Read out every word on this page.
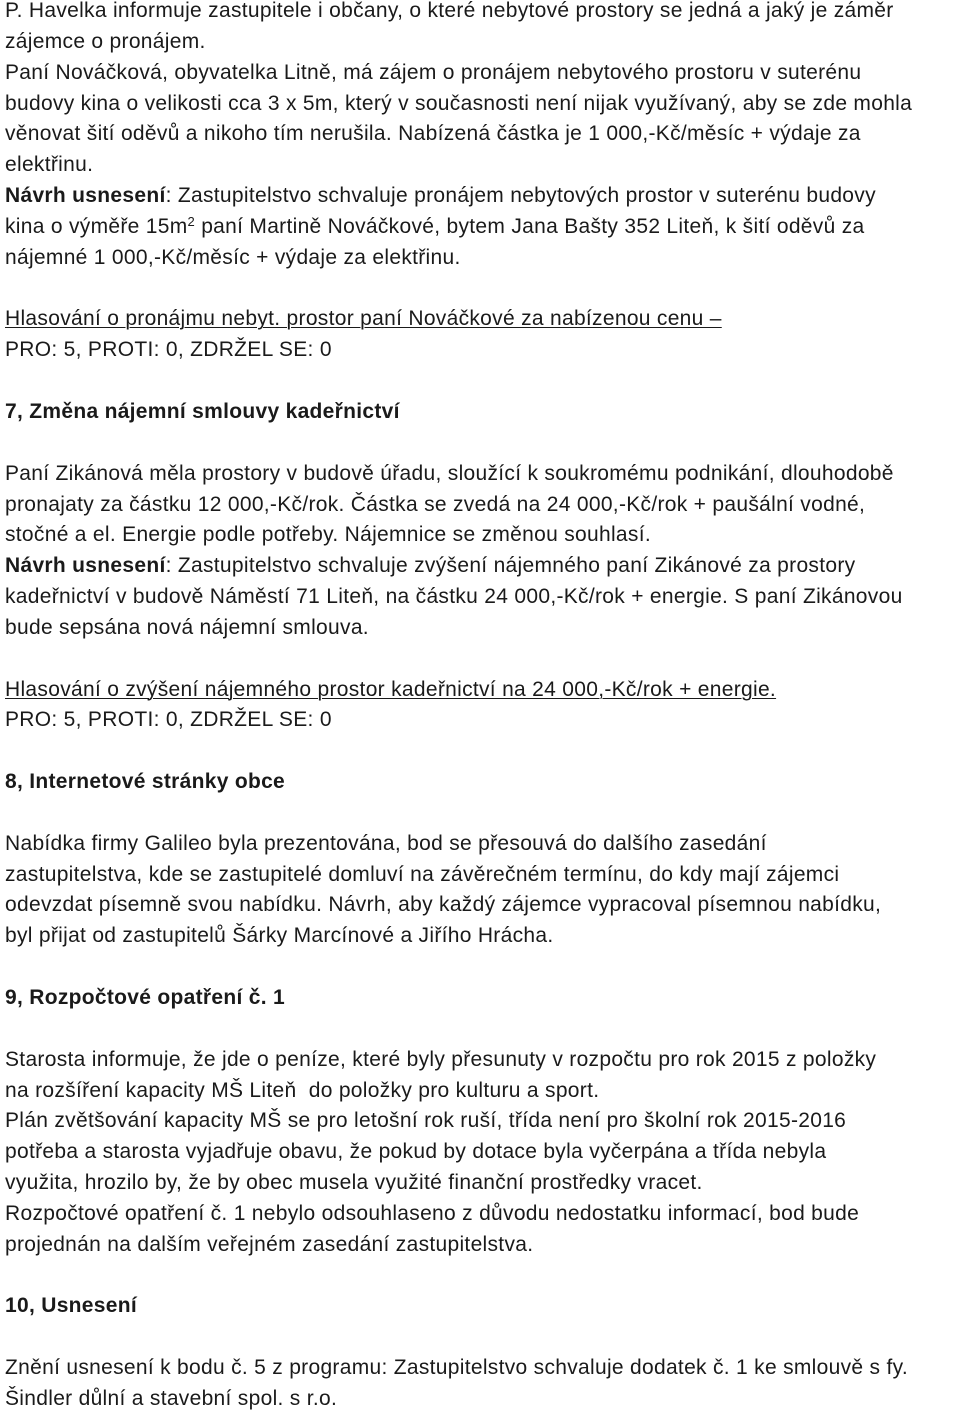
P. Havelka informuje zastupitele i občany, o které nebytové prostory se jedná a jaký je záměr
zájemce o pronájem.
Paní Nováčková, obyvatelka Litně, má zájem o pronájem nebytového prostoru v suterénu
budovy kina o velikosti cca 3 x 5m, který v současnosti není nijak využívaný, aby se zde mohla
věnovat šití oděvů a nikoho tím nerušila. Nabízená částka je 1 000,-Kč/měsíc + výdaje za
elektřinu.
Návrh usnesení: Zastupitelstvo schvaluje pronájem nebytových prostor v suterénu budovy
kina o výměře $15m^2$ paní Martině Nováčkové, bytem Jana Bašty 352 Liteň, k šití oděvů za
nájemné 1 000,-Kč/měsíc + výdaje za elektřinu.
Hlasování o pronájmu nebyt. prostor paní Nováčkové za nabízenou cenu –
PRO: 5, PROTI: 0, ZDRŽEL SE: 0
7, Změna nájemní smlouvy kadeřnictví
Paní Zikánová měla prostory v budově úřadu, sloužící k soukromému podnikání, dlouhodobě
pronajaty za částku 12 000,-Kč/rok. Částka se zvedá na 24 000,-Kč/rok + paušální vodné,
stočné a el. Energie podle potřeby. Nájemnice se změnou souhlasí.
Návrh usnesení: Zastupitelstvo schvaluje zvýšení nájemného paní Zikánové za prostory
kadeřnictví v budově Náměstí 71 Liteň, na částku 24 000,-Kč/rok + energie. S paní Zikánovou
bude sepsána nová nájemní smlouva.
Hlasování o zvýšení nájemného prostor kadeřnictví na 24 000,-Kč/rok + energie.
PRO: 5, PROTI: 0, ZDRŽEL SE: 0
8, Internetové stránky obce
Nabídka firmy Galileo byla prezentována, bod se přesouvá do dalšího zasedání
zastupitelstva, kde se zastupitelé domluví na závěrečném termínu, do kdy mají zájemci
odevzdat písemně svou nabídku. Návrh, aby každý zájemce vypracoval písemnou nabídku,
byl přijat od zastupitelů Šárky Marcínové a Jiřího Hrácha.
9, Rozpočtové opatření č. 1
Starosta informuje, že jde o peníze, které byly přesunuty v rozpočtu pro rok 2015 z položky
na rozšíření kapacity MŠ Liteň  do položky pro kulturu a sport.
Plán zvětšování kapacity MŠ se pro letošní rok ruší, třída není pro školní rok 2015-2016
potřeba a starosta vyjadřuje obavu, že pokud by dotace byla vyčerpána a třída nebyla
využita, hrozilo by, že by obec musela využité finanční prostředky vracet.
Rozpočtové opatření č. 1 nebylo odsouhlaseno z důvodu nedostatku informací, bod bude
projednán na dalším veřejném zasedání zastupitelstva.
10, Usnesení
Znění usnesení k bodu č. 5 z programu: Zastupitelstvo schvaluje dodatek č. 1 ke smlouvě s fy.
Šindler důlní a stavební spol. s r.o.
